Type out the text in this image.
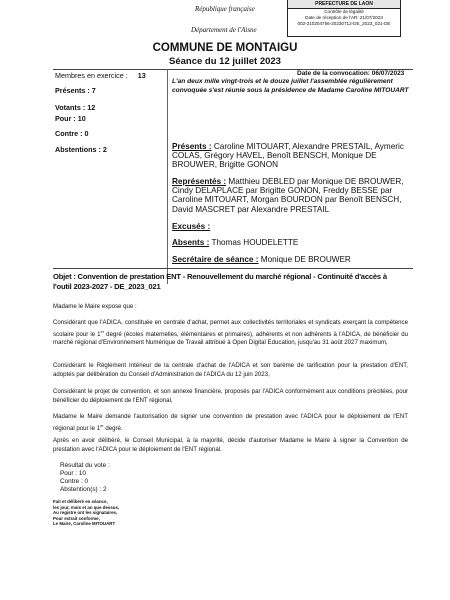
PREFECTURE DE LAON
Contrôle de légalité
Date de réception de l'AR: 21/07/2023
002-210204756-20230712-DE_2023_021-DE
République française
Département de l'Aisne
COMMUNE DE MONTAIGU
Séance du 12 juillet 2023
Membres en exercice : 13
Présents : 7
Votants : 12
Pour : 10
Contre : 0
Abstentions : 2
Date de la convocation: 06/07/2023
L'an deux mille vingt-trois et le douze juillet l'assemblée régulièrement convoquée s'est réunie sous la présidence de Madame Caroline MITOUART
Présents : Caroline MITOUART, Alexandre PRESTAIL, Aymeric COLAS, Grégory HAVEL, Benoît BENSCH, Monique DE BROUWER, Brigitte GONON
Représentés : Matthieu DEBLED par Monique DE BROUWER, Cindy DELAPLACE par Brigitte GONON, Freddy BESSE par Caroline MITOUART, Morgan BOURDON par Benoît BENSCH, David MASCRET par Alexandre PRESTAIL
Excusés :
Absents : Thomas HOUDELETTE
Secrétaire de séance : Monique DE BROUWER
Objet : Convention de prestation ENT - Renouvellement du marché régional - Continuité d'accès à l'outil 2023-2027 - DE_2023_021
Madame le Maire expose que :
Considérant que l'ADICA, constituée en centrale d'achat, permet aux collectivités territoriales et syndicats exerçant la compétence scolaire pour le 1er degré (écoles maternelles, élémentaires et primaires), adhérents et non adhérents à l'ADICA, de bénéficier du marché régional d'Environnement Numérique de Travail attribué à Open Digital Education, jusqu'au 31 août 2027 maximum,
Considérant le Règlement Intérieur de la centrale d'achat de l'ADICA et son barème de tarification pour la prestation d'ENT, adoptés par délibération du Conseil d'Administration de l'ADICA du 12 juin 2023,
Considérant le projet de convention, et son annexe financière, proposés par l'ADICA conformément aux conditions précitées, pour bénéficier du déploiement de l'ENT régional,
Madame le Maire demande l'autorisation de signer une convention de prestation avec l'ADICA pour le déploiement de l'ENT régional pour le 1er degré.
Après en avoir délibéré, le Conseil Municipal, à la majorité, décide d'autoriser Madame le Maire à signer la Convention de prestation avec l'ADICA pour le déploiement de l'ENT régional.
Résultat du vote :
Pour : 10
Contre : 0
Abstention(s) : 2
Fait et délibéré en séance,
les jour, mois et an que dessus,
Au registre ont les signataires,
Pour extrait conforme,
Le Maire, Caroline MITOUART
